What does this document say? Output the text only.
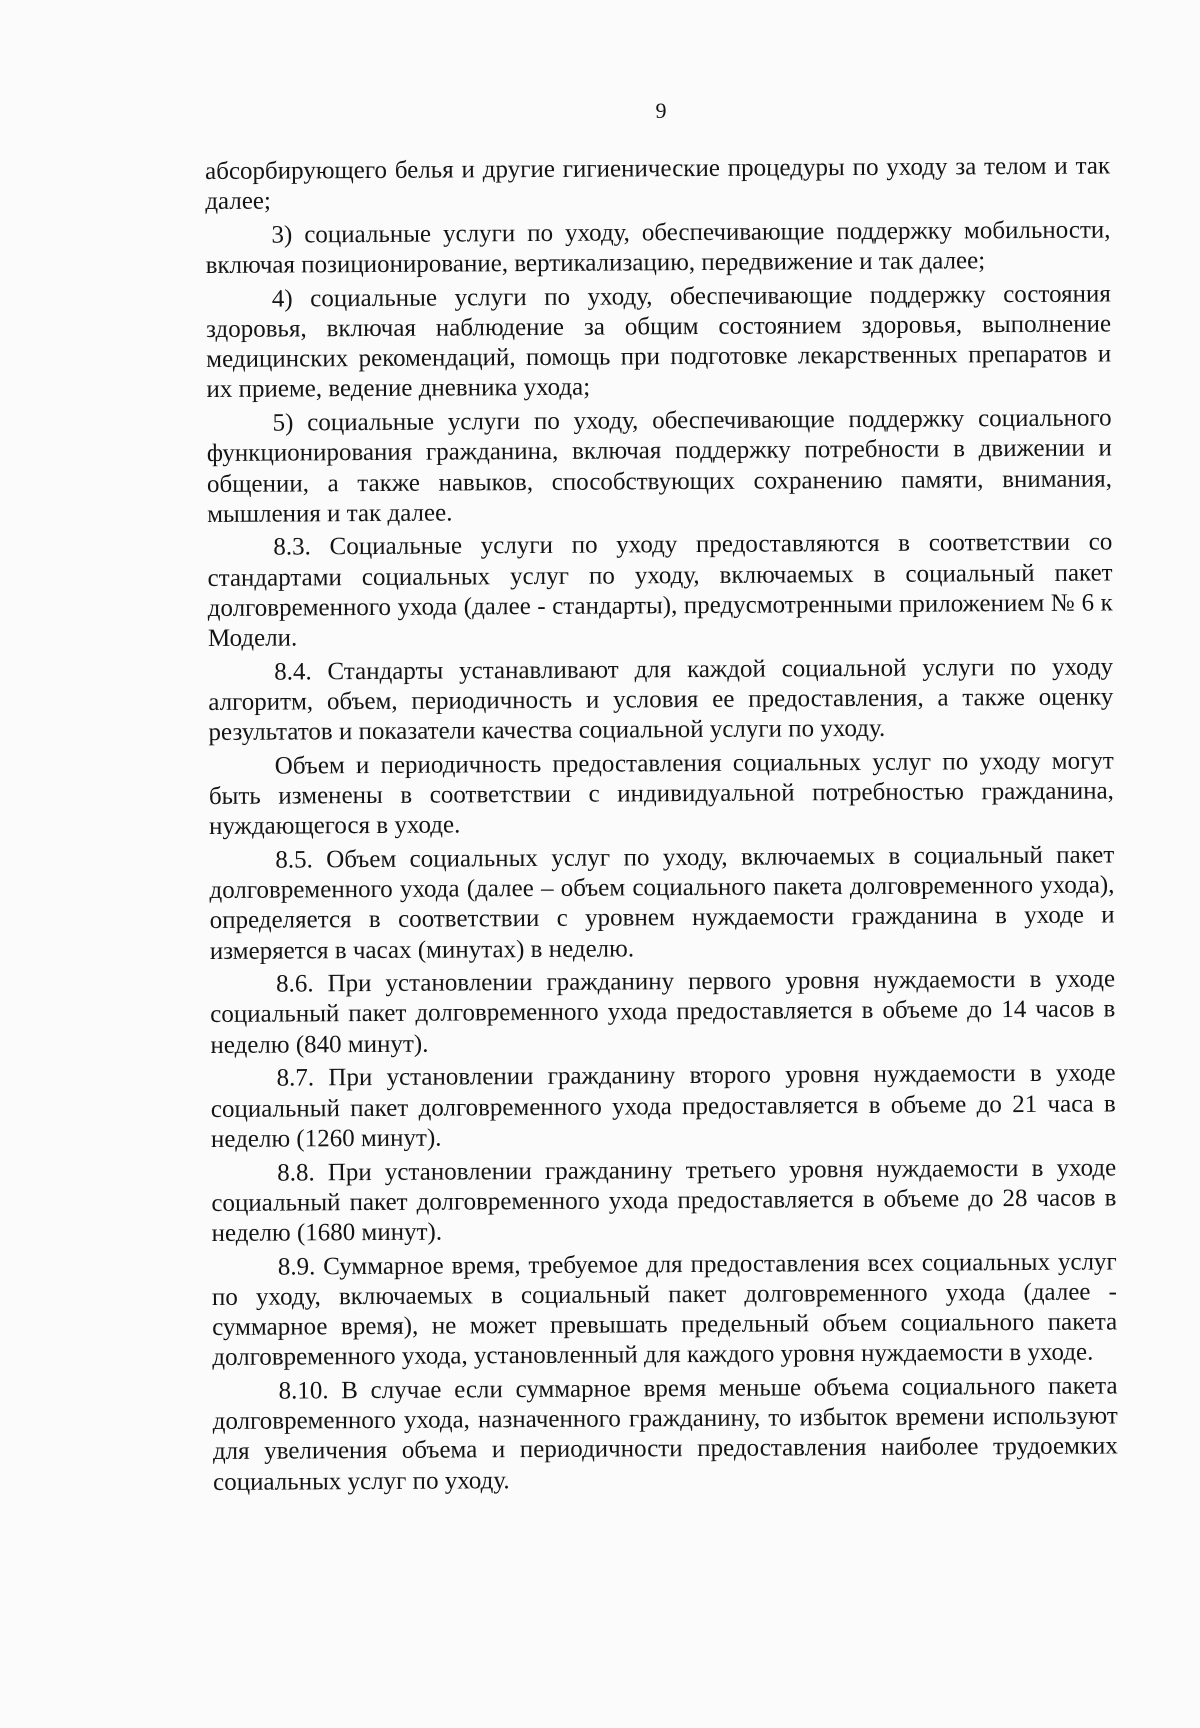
9

абсорбирующего белья и другие гигиенические процедуры по уходу за телом и так далее;

3) социальные услуги по уходу, обеспечивающие поддержку мобильности, включая позиционирование, вертикализацию, передвижение и так далее;

4) социальные услуги по уходу, обеспечивающие поддержку состояния здоровья, включая наблюдение за общим состоянием здоровья, выполнение медицинских рекомендаций, помощь при подготовке лекарственных препаратов и их приеме, ведение дневника ухода;

5) социальные услуги по уходу, обеспечивающие поддержку социального функционирования гражданина, включая поддержку потребности в движении и общении, а также навыков, способствующих сохранению памяти, внимания, мышления и так далее.

8.3. Социальные услуги по уходу предоставляются в соответствии со стандартами социальных услуг по уходу, включаемых в социальный пакет долговременного ухода (далее - стандарты), предусмотренными приложением № 6 к Модели.

8.4. Стандарты устанавливают для каждой социальной услуги по уходу алгоритм, объем, периодичность и условия ее предоставления, а также оценку результатов и показатели качества социальной услуги по уходу.

Объем и периодичность предоставления социальных услуг по уходу могут быть изменены в соответствии с индивидуальной потребностью гражданина, нуждающегося в уходе.

8.5. Объем социальных услуг по уходу, включаемых в социальный пакет долговременного ухода (далее – объем социального пакета долговременного ухода), определяется в соответствии с уровнем нуждаемости гражданина в уходе и измеряется в часах (минутах) в неделю.

8.6. При установлении гражданину первого уровня нуждаемости в уходе социальный пакет долговременного ухода предоставляется в объеме до 14 часов в неделю (840 минут).

8.7. При установлении гражданину второго уровня нуждаемости в уходе социальный пакет долговременного ухода предоставляется в объеме до 21 часа в неделю (1260 минут).

8.8. При установлении гражданину третьего уровня нуждаемости в уходе социальный пакет долговременного ухода предоставляется в объеме до 28 часов в неделю (1680 минут).

8.9. Суммарное время, требуемое для предоставления всех социальных услуг по уходу, включаемых в социальный пакет долговременного ухода (далее - суммарное время), не может превышать предельный объем социального пакета долговременного ухода, установленный для каждого уровня нуждаемости в уходе.

8.10. В случае если суммарное время меньше объема социального пакета долговременного ухода, назначенного гражданину, то избыток времени используют для увеличения объема и периодичности предоставления наиболее трудоемких социальных услуг по уходу.
